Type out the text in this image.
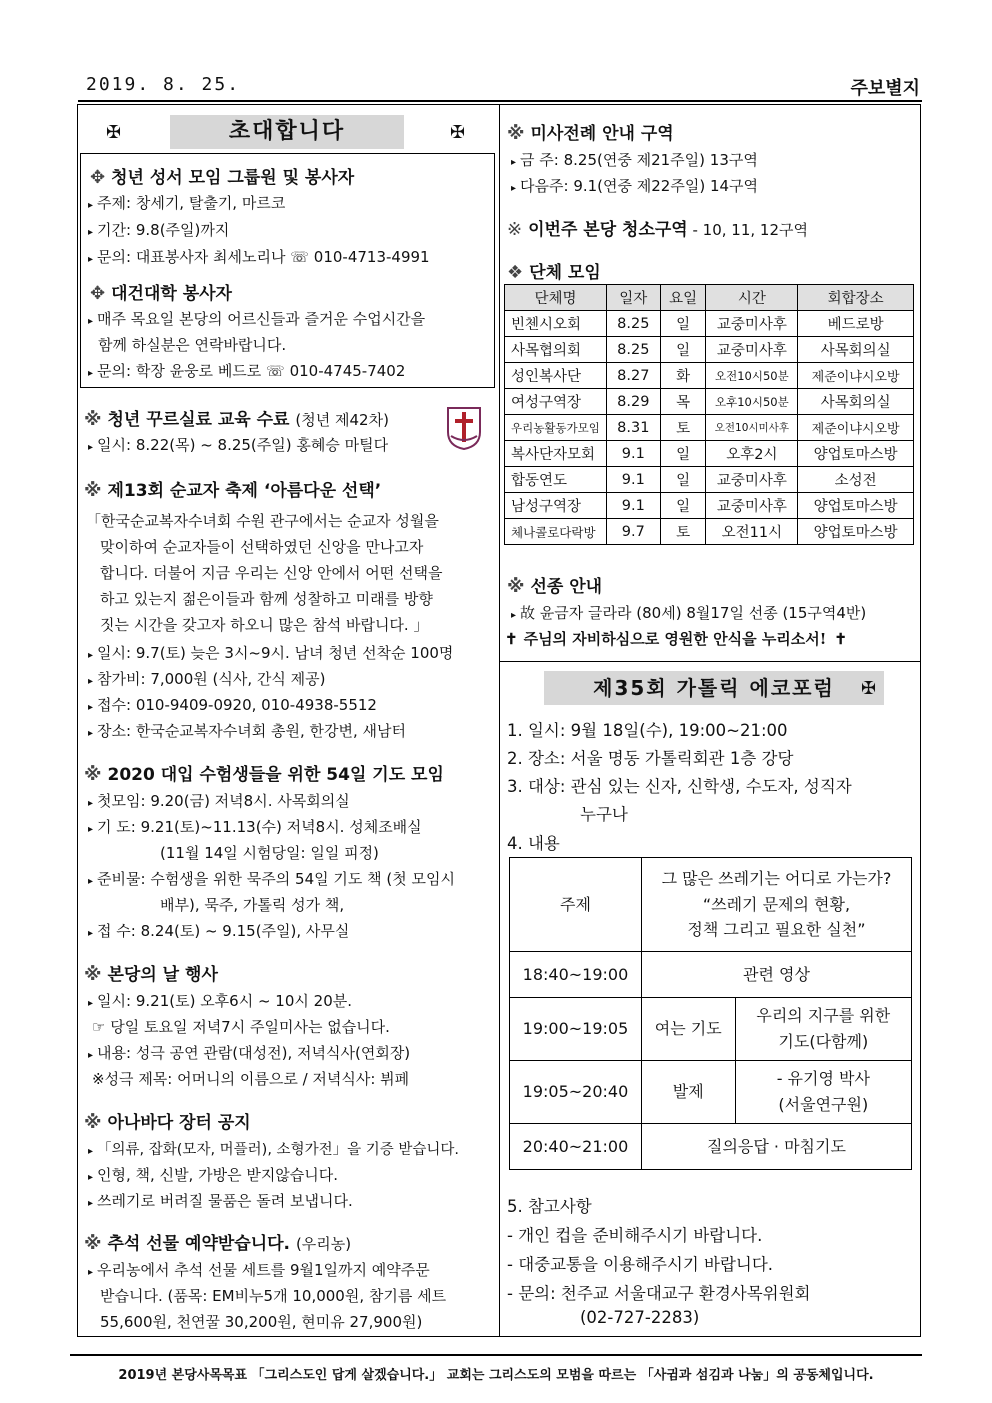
2019. 8. 25.	주보별지
✠	초대합니다	✠
✥ 청년 성서 모임 그룹원 및 봉사자
▸ 주제: 창세기, 탈출기, 마르코
▸ 기간: 9.8(주일)까지
▸ 문의: 대표봉사자 최세노리나 ☏ 010-4713-4991
✥ 대건대학 봉사자
▸ 매주 목요일 본당의 어르신들과 즐거운 수업시간을
함께 하실분은 연락바랍니다.
▸ 문의: 학장 윤웅로 베드로 ☏ 010-4745-7402
※ 청년 꾸르실료 교육 수료 (청년 제42차)
▸ 일시: 8.22(목) ~ 8.25(주일) 홍혜승 마틸다
※ 제13회 순교자 축제 ‘아름다운 선택’
「한국순교복자수녀회 수원 관구에서는 순교자 성월을
맞이하여 순교자들이 선택하였던 신앙을 만나고자
합니다. 더불어 지금 우리는 신앙 안에서 어떤 선택을
하고 있는지 젊은이들과 함께 성찰하고 미래를 방향
짓는 시간을 갖고자 하오니 많은 참석 바랍니다. 」
▸ 일시: 9.7(토) 늦은 3시~9시. 남녀 청년 선착순 100명
▸ 참가비: 7,000원 (식사, 간식 제공)
▸ 접수: 010-9409-0920, 010-4938-5512
▸ 장소: 한국순교복자수녀회 총원, 한강변, 새남터
※ 2020 대입 수험생들을 위한 54일 기도 모임
▸ 첫모임: 9.20(금) 저녁8시. 사목회의실
▸ 기 도: 9.21(토)~11.13(수) 저녁8시. 성체조배실
(11월 14일 시험당일: 일일 피정)
▸ 준비물: 수험생을 위한 묵주의 54일 기도 책 (첫 모임시
배부), 묵주, 가톨릭 성가 책,
▸ 접 수: 8.24(토) ~ 9.15(주일), 사무실
※ 본당의 날 행사
▸ 일시: 9.21(토) 오후6시 ~ 10시 20분.
☞ 당일 토요일 저녁7시 주일미사는 없습니다.
▸ 내용: 성극 공연 관람(대성전), 저녁식사(연회장)
※성극 제목: 어머니의 이름으로 / 저녁식사: 뷔페
※ 아나바다 장터 공지
▸ 「의류, 잡화(모자, 머플러), 소형가전」을 기증 받습니다.
▸ 인형, 책, 신발, 가방은 받지않습니다.
▸ 쓰레기로 버려질 물품은 돌려 보냅니다.
※ 추석 선물 예약받습니다. (우리농)
▸ 우리농에서 추석 선물 세트를 9월1일까지 예약주문
받습니다. (품목: EM비누5개 10,000원, 참기름 세트
55,600원, 천연꿀 30,200원, 현미유 27,900원)
※ 미사전례 안내 구역
▸ 금 주: 8.25(연중 제21주일) 13구역
▸ 다음주: 9.1(연중 제22주일) 14구역
※ 이번주 본당 청소구역 - 10, 11, 12구역
❖ 단체 모임
단체명	일자	요일	시간	회합장소
빈첸시오회	8.25	일	교중미사후	베드로방
사목협의회	8.25	일	교중미사후	사목회의실
성인복사단	8.27	화	오전10시50분	제준이냐시오방
여성구역장	8.29	목	오후10시50분	사목회의실
우리농활동가모임	8.31	토	오전10시미사후	제준이냐시오방
복사단자모회	9.1	일	오후2시	양업토마스방
합동연도	9.1	일	교중미사후	소성전
남성구역장	9.1	일	교중미사후	양업토마스방
체나콜로다락방	9.7	토	오전11시	양업토마스방
※ 선종 안내
▸ 故 윤금자 글라라 (80세) 8월17일 선종 (15구역4반)
✝ 주님의 자비하심으로 영원한 안식을 누리소서! ✝
제35회 가톨릭 에코포럼	✠
1. 일시: 9월 18일(수), 19:00~21:00
2. 장소: 서울 명동 가톨릭회관 1층 강당
3. 대상: 관심 있는 신자, 신학생, 수도자, 성직자
누구나
4. 내용
주제	그 많은 쓰레기는 어디로 가는가?
“쓰레기 문제의 현황,
정책 그리고 필요한 실천”	

18:40~19:00	관련 영상	
19:00~19:05	여는 기도	우리의 지구를 위한
기도(다함께)

19:05~20:40	발제	- 유기영 박사
(서울연구원)

20:40~21:00	질의응답 · 마침기도	
5. 참고사항
- 개인 컵을 준비해주시기 바랍니다.
- 대중교통을 이용해주시기 바랍니다.
- 문의: 천주교 서울대교구 환경사목위원회
(02-727-2283)
2019년 본당사목목표 「그리스도인 답게 살겠습니다.」 교회는 그리스도의 모범을 따르는 「사귐과 섬김과 나눔」의 공동체입니다.
